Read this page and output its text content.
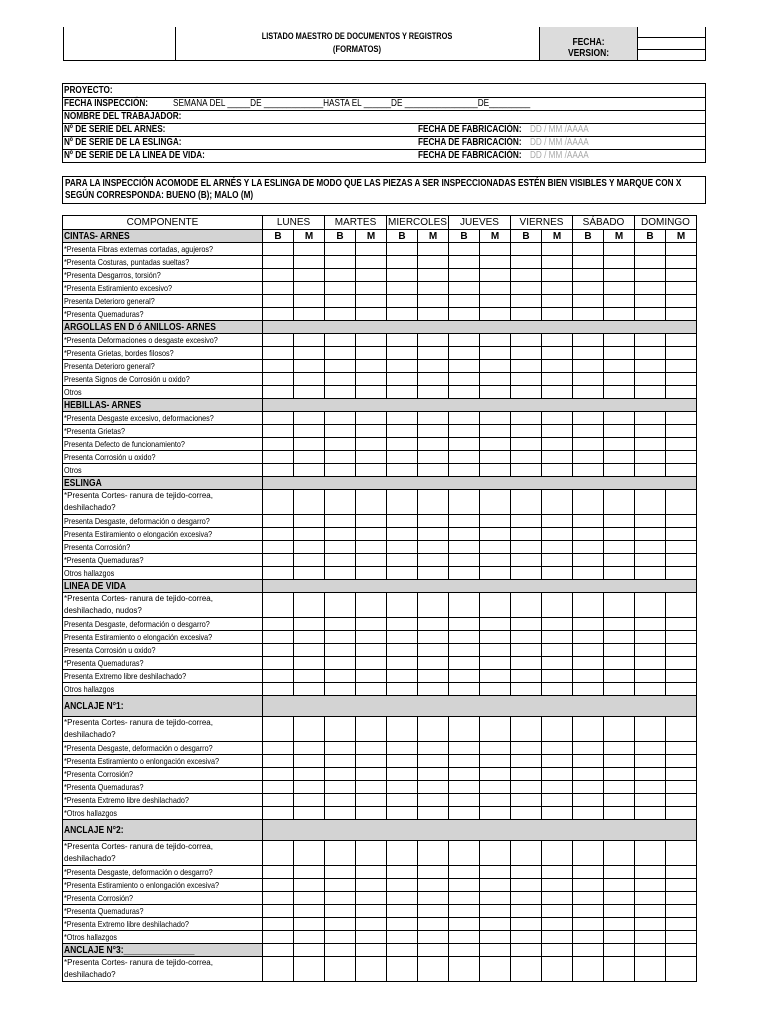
LISTADO MAESTRO DE DOCUMENTOS Y REGISTROS
(FORMATOS)
FECHA:
VERSION:
PROYECTO:
FECHA INSPECCIÓN:	SEMANA DEL _____DE _____________HASTA EL ______DE ________________DE_________
NOMBRE DEL TRABAJADOR:
Nº DE SERIE DEL ARNÉS:	FECHA DE FABRICACIÓN: DD / MM /AAAA
Nº DE SERIE DE LA ESLINGA:	FECHA DE FABRICACIÓN: DD / MM /AAAA
Nº DE SERIE DE LA LINEA DE VIDA:	FECHA DE FABRICACIÓN: DD / MM /AAAA
PARA LA INSPECCIÓN ACOMODE EL ARNÉS Y LA ESLINGA DE MODO QUE LAS PIEZAS A SER INSPECCIONADAS ESTÉN BIEN VISIBLES Y MARQUE CON X SEGÚN CORRESPONDA: BUENO (B); MALO (M)
COMPONENTE	LUNES		MARTES		MIERCOLES		JUEVES		VIERNES		SÁBADO		DOMINGO	
CINTAS- ARNES	B	M	B	M	B	M	B	M	B	M	B	M	B	M
*Presenta Fibras externas cortadas, agujeros?														
*Presenta Costuras, puntadas sueltas?														
*Presenta Desgarros, torsión?														
*Presenta Estiramiento excesivo?														
Presenta Deterioro general?														
*Presenta Quemaduras?														
ARGOLLAS EN D ó ANILLOS- ARNES														
*Presenta Deformaciones o desgaste excesivo?														
*Presenta Grietas, bordes filosos?														
Presenta Deterioro general?														
Presenta Signos de Corrosión u oxido?														
Otros														
HEBILLAS- ARNES														
*Presenta Desgaste excesivo, deformaciones?														
*Presenta Grietas?														
Presenta Defecto de funcionamiento?														
Presenta Corrosión u oxido?														
Otros														
ESLINGA														
*Presenta Cortes- ranura de tejido-correa, deshilachado?														
Presenta Desgaste, deformación o desgarro?														
Presenta Estiramiento o elongación excesiva?														
Presenta Corrosión?														
*Presenta Quemaduras?														
Otros hallazgos														
LINEA DE VIDA														
*Presenta Cortes- ranura de tejido-correa, deshilachado, nudos?														
Presenta Desgaste, deformación o desgarro?														
Presenta Estiramiento o elongación excesiva?														
Presenta Corrosión u oxido?														
*Presenta Quemaduras?														
Presenta Extremo libre deshilachado?														
Otros hallazgos														
ANCLAJE N°1:														
*Presenta Cortes- ranura de tejido-correa, deshilachado?														
*Presenta Desgaste, deformación o desgarro?														
*Presenta Estiramiento o enlongación excesiva?														
*Presenta Corrosión?														
*Presenta Quemaduras?														
*Presenta Extremo libre deshilachado?														
*Otros hallazgos														
ANCLAJE N°2:														
*Presenta Cortes- ranura de tejido-correa, deshilachado?														
*Presenta Desgaste, deformación o desgarro?														
*Presenta Estiramiento o enlongación excesiva?														
*Presenta Corrosión?														
*Presenta Quemaduras?														
*Presenta Extremo libre deshilachado?														
*Otros hallazgos														
ANCLAJE N°3:_______________														
*Presenta Cortes- ranura de tejido-correa, deshilachado?														
